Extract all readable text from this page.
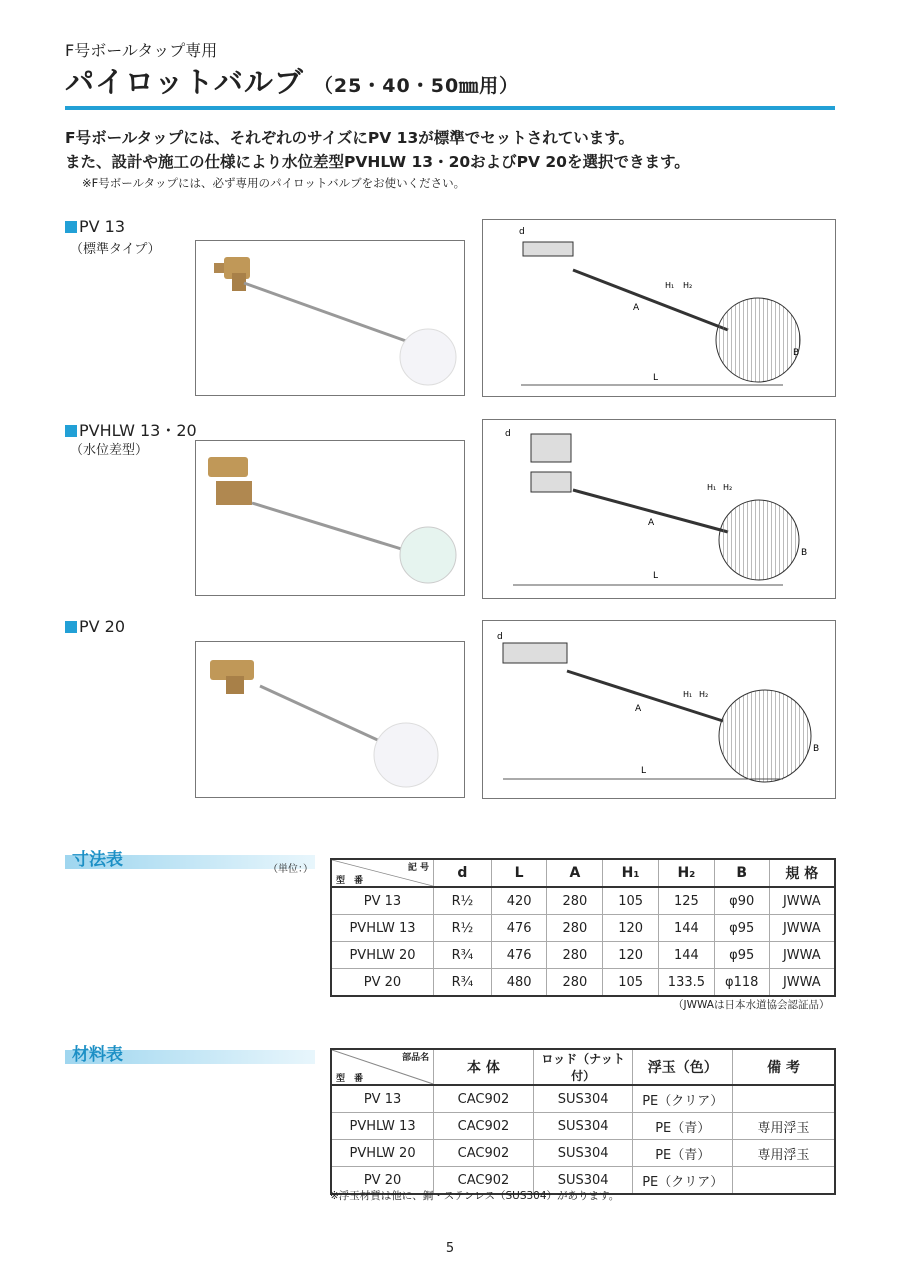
F号ボールタップ専用
パイロットバルブ （25・40・50㎜用）
F号ボールタップには、それぞれのサイズにPV 13が標準でセットされています。
また、設計や施工の仕様により水位差型PVHLW 13・20およびPV 20を選択できます。
※F号ボールタップには、必ず専用のパイロットバルブをお使いください。
PV 13
（標準タイプ）
d
A
L
B
H₁ H₂
PVHLW 13・20
（水位差型）
d
A
L
B
H₁ H₂
PV 20
d
A
L
B
H₁ H₂
寸法表	（単位：）	記 号
型　番	d	L	A	H₁	H₂	B	規 格
PV 13	R½	420	280	105	125	φ90	JWWA
PVHLW 13	R½	476	280	120	144	φ95	JWWA
PVHLW 20	R¾	476	280	120	144	φ95	JWWA
PV 20	R¾	480	280	105	133.5	φ118	JWWA
（JWWAは日本水道協会認証品）
材料表	部品名
型　番	本 体	ロッド（ナット付）	浮玉（色）	備 考
PV 13	CAC902	SUS304	PE（クリア）	
PVHLW 13	CAC902	SUS304	PE（青）	専用浮玉
PVHLW 20	CAC902	SUS304	PE（青）	専用浮玉
PV 20	CAC902	SUS304	PE（クリア）	
※浮玉材質は他に、銅・ステンレス（SUS304）があります。
5
